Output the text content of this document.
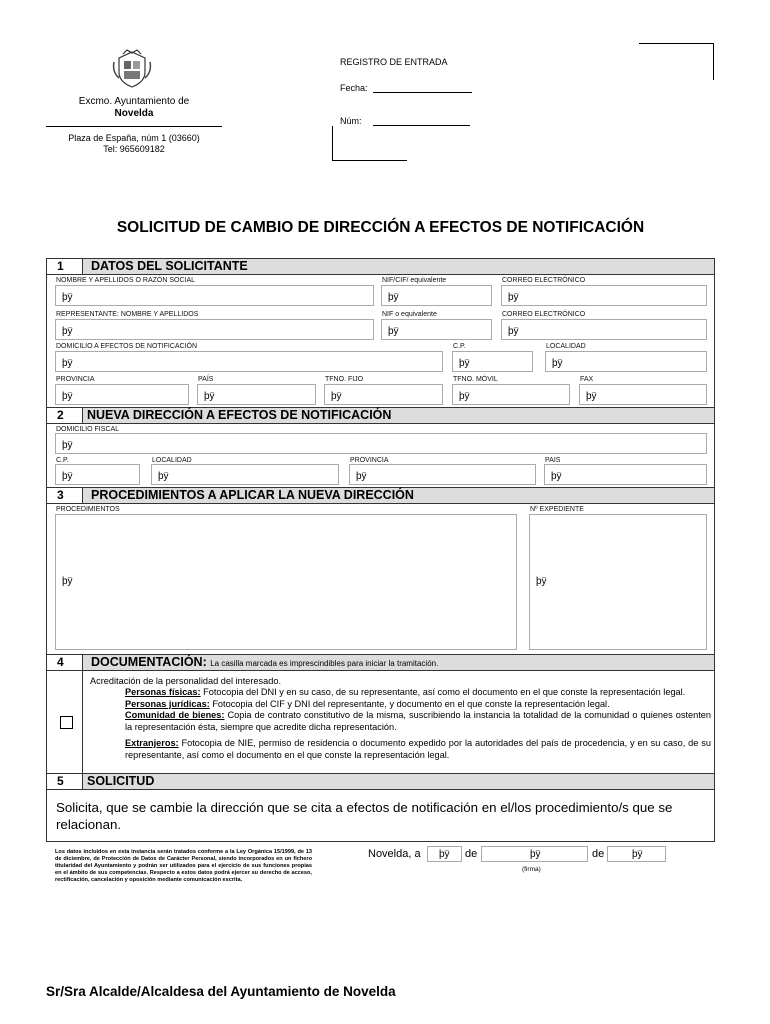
Excmo. Ayuntamiento de
Novelda
Plaza de España, núm 1 (03660)
Tel: 965609182
REGISTRO DE ENTRADA
Fecha:
Núm:
SOLICITUD DE CAMBIO DE DIRECCIÓN A EFECTOS DE NOTIFICACIÓN
1	DATOS DEL SOLICITANTE
NOMBRE Y APELLIDOS O RAZÓN SOCIAL	NIF/CIF/ equivalente	CORREO ELECTRÓNICO
þÿ	þÿ	þÿ
REPRESENTANTE: NOMBRE Y APELLIDOS	NIF o equivalente	CORREO ELECTRÓNICO
þÿ	þÿ	þÿ
DOMICILIO A EFECTOS DE NOTIFICACIÓN	C.P.	LOCALIDAD
þÿ	þÿ	þÿ
PROVINCIA	PAÍS	TFNO. FIJO	TFNO. MÓVIL	FAX
þÿ	þÿ	þÿ	þÿ	þÿ
2	NUEVA DIRECCIÓN A EFECTOS DE NOTIFICACIÓN
DOMICILIO FISCAL
þÿ
C.P.	LOCALIDAD	PROVINCIA	PAIS
þÿ	þÿ	þÿ	þÿ
3	PROCEDIMIENTOS A APLICAR LA NUEVA DIRECCIÓN
PROCEDIMIENTOS	Nº EXPEDIENTE
þÿ	þÿ
4	DOCUMENTACIÓN: La casilla marcada es imprescindibles para iniciar la tramitación.
Acreditación de la personalidad del interesado.
Personas físicas: Fotocopia del DNI y en su caso, de su representante, así como el documento en el que conste la representación legal.
Personas jurídicas: Fotocopia del CIF y DNI del representante, y documento en el que conste la representación legal.
Comunidad de bienes: Copia de contrato constitutivo de la misma, suscribiendo la instancia la totalidad de la comunidad o quienes ostenten la representación ésta, siempre que acredite dicha representación.
Extranjeros: Fotocopia de NIE, permiso de residencia o documento expedido por la autoridades del país de procedencia, y en su caso, de su representante, así como el documento en el que conste la representación legal.
5	SOLICITUD
Solicita, que se cambie la dirección que se cita a efectos de notificación en el/los procedimiento/s que se relacionan.
Los datos incluidos en esta instancia serán tratados conforme a la Ley Orgánica 15/1999, de 13 de diciembre, de Protección de Datos de Carácter Personal, siendo incorporados en un fichero titularidad del Ayuntamiento y podrán ser utilizados para el ejercicio de sus funciones propias en el ámbito de sus competencias. Respecto a estos datos podrá ejercer su derecho de acceso, rectificación, cancelación y oposición mediante comunicación escrita.
Novelda, a	þÿ	de	þÿ	de	þÿ
(firma)
Sr/Sra Alcalde/Alcaldesa del Ayuntamiento de Novelda
